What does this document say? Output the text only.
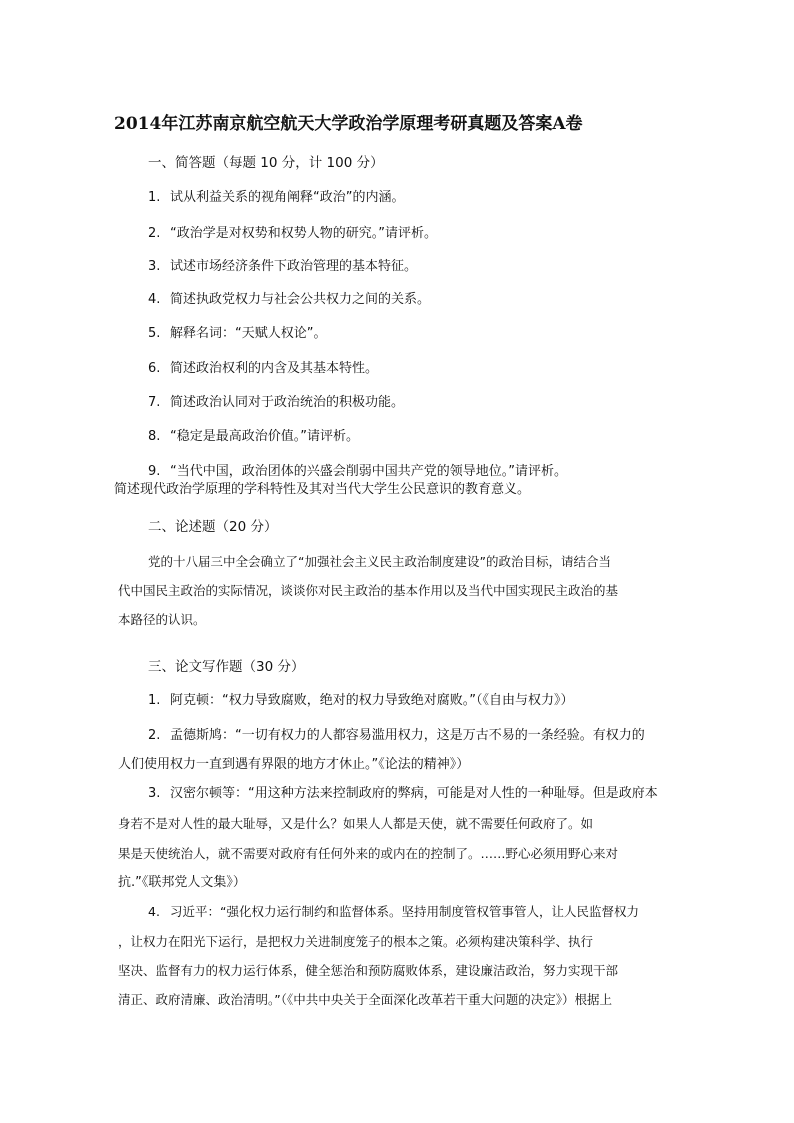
2014年江苏南京航空航天大学政治学原理考研真题及答案A卷
一、简答题（每题 10 分，计 100 分）
1. 试从利益关系的视角阐释“政治”的内涵。
2. “政治学是对权势和权势人物的研究。”请评析。
3. 试述市场经济条件下政治管理的基本特征。
4. 简述执政党权力与社会公共权力之间的关系。
5. 解释名词：“天赋人权论”。
6. 简述政治权利的内含及其基本特性。
7. 简述政治认同对于政治统治的积极功能。
8. “稳定是最高政治价值。”请评析。
9. “当代中国，政治团体的兴盛会削弱中国共产党的领导地位。”请评析。
简述现代政治学原理的学科特性及其对当代大学生公民意识的教育意义。
二、论述题（20 分）
党的十八届三中全会确立了“加强社会主义民主政治制度建设”的政治目标，请结合当
代中国民主政治的实际情况，谈谈你对民主政治的基本作用以及当代中国实现民主政治的基
本路径的认识。
三、论文写作题（30 分）
1. 阿克顿：“权力导致腐败，绝对的权力导致绝对腐败。”（《自由与权力》）
2. 孟德斯鸠：“一切有权力的人都容易滥用权力，这是万古不易的一条经验。有权力的
人们使用权力一直到遇有界限的地方才休止。”《论法的精神》）
3. 汉密尔顿等：“用这种方法来控制政府的弊病，可能是对人性的一种耻辱。但是政府本
身若不是对人性的最大耻辱，又是什么？如果人人都是天使，就不需要任何政府了。如
果是天使统治人，就不需要对政府有任何外来的或内在的控制了。……野心必须用野心来对
抗.”《联邦党人文集》）
4. 习近平：“强化权力运行制约和监督体系。坚持用制度管权管事管人，让人民监督权力
，让权力在阳光下运行，是把权力关进制度笼子的根本之策。必须构建决策科学、执行
坚决、监督有力的权力运行体系，健全惩治和预防腐败体系，建设廉洁政治，努力实现干部
清正、政府清廉、政治清明。”（《中共中央关于全面深化改革若干重大问题的决定》）根据上
